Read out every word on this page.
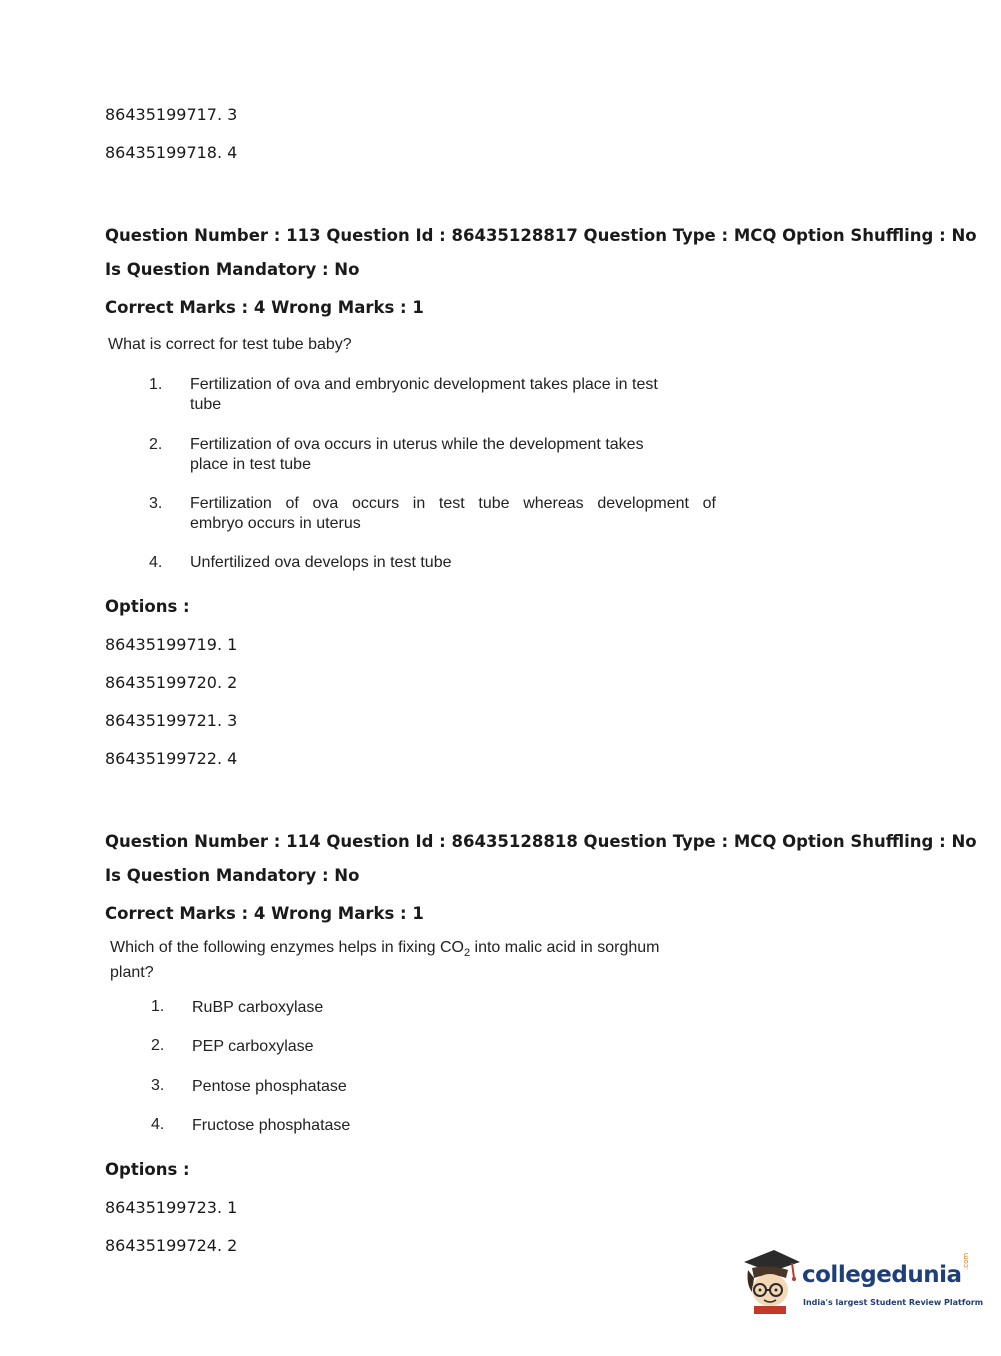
86435199717. 3
86435199718. 4
Question Number : 113 Question Id : 86435128817 Question Type : MCQ Option Shuffling : No
Is Question Mandatory : No
Correct Marks : 4 Wrong Marks : 1
What is correct for test tube baby?
1. Fertilization of ova and embryonic development takes place in test
tube
2. Fertilization of ova occurs in uterus while the development takes
place in test tube
3. Fertilization of ova occurs in test tube whereas development of
embryo occurs in uterus
4. Unfertilized ova develops in test tube
Options :
86435199719. 1
86435199720. 2
86435199721. 3
86435199722. 4
Question Number : 114 Question Id : 86435128818 Question Type : MCQ Option Shuffling : No
Is Question Mandatory : No
Correct Marks : 4 Wrong Marks : 1
Which of the following enzymes helps in fixing $CO_2$ into malic acid in sorghum
plant?
1. RuBP carboxylase
2. PEP carboxylase
3. Pentose phosphatase
4. Fructose phosphatase
Options :
86435199723. 1
86435199724. 2
collegedunia
.com
India's largest Student Review Platform
